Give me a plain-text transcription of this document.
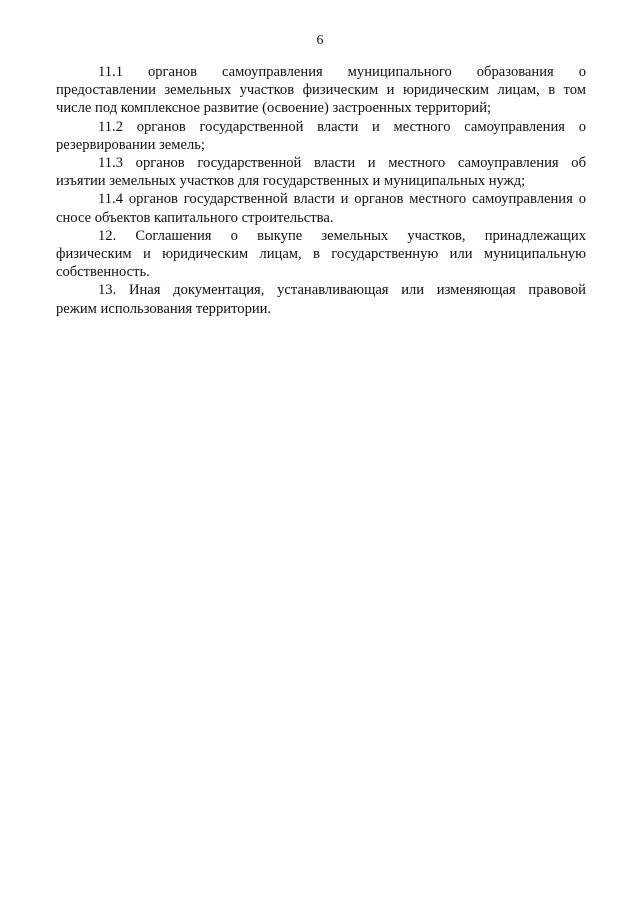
6
11.1 органов самоуправления муниципального образования о
предоставлении земельных участков физическим и юридическим лицам, в том
числе под комплексное развитие (освоение) застроенных территорий;
11.2 органов государственной власти и местного самоуправления о
резервировании земель;
11.3 органов государственной власти и местного самоуправления об
изъятии земельных участков для государственных и муниципальных нужд;
11.4 органов государственной власти и органов местного самоуправления о
сносе объектов капитального строительства.
12. Соглашения о выкупе земельных участков, принадлежащих
физическим и юридическим лицам, в государственную или муниципальную
собственность.
13. Иная документация, устанавливающая или изменяющая правовой
режим использования территории.
